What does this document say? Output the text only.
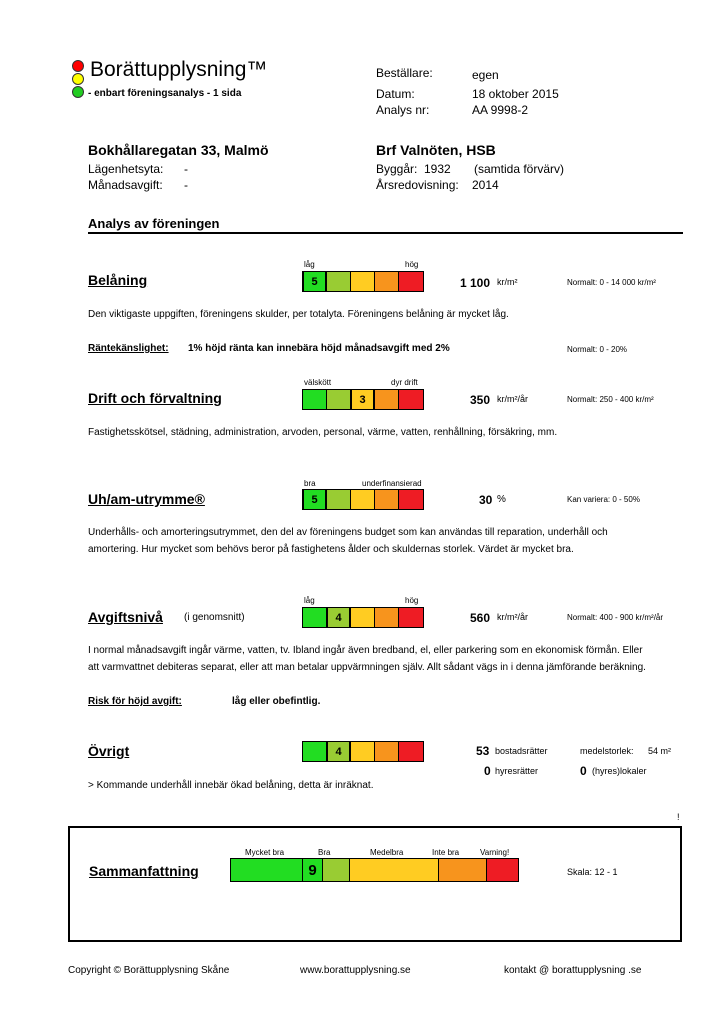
Borättupplysning™
- enbart föreningsanalys - 1 sida
Beställare:	egen
Datum:	18 oktober 2015
Analys nr:	AA 9998-2
Bokhållaregatan 33, Malmö
Lägenhetsyta: -
Månadsavgift: -
Brf Valnöten, HSB
Byggår: 1932 (samtida förvärv)
Årsredovisning: 2014
Analys av föreningen
Belåning
låg	hög
5	1 100 kr/m²	Normalt: 0 - 14 000 kr/m²
Den viktigaste uppgiften, föreningens skulder, per totalyta. Föreningens belåning är mycket låg.
Räntekänslighet: 1% höjd ränta kan innebära höjd månadsavgift med 2%	Normalt: 0 - 20%
Drift och förvaltning
välskött	dyr drift
3	350 kr/m²/år	Normalt: 250 - 400 kr/m²
Fastighetsskötsel, städning, administration, arvoden, personal, värme, vatten, renhållning, försäkring, mm.
Uh/am-utrymme®
bra	underfinansierad
5	30 %	Kan variera: 0 - 50%
Underhålls- och amorteringsutrymmet, den del av föreningens budget som kan användas till reparation, underhåll och
amortering. Hur mycket som behövs beror på fastighetens ålder och skuldernas storlek. Värdet är mycket bra.
Avgiftsnivå (i genomsnitt)
låg	hög
4	560 kr/m²/år	Normalt: 400 - 900 kr/m²/år
I normal månadsavgift ingår värme, vatten, tv. Ibland ingår även bredband, el, eller parkering som en ekonomisk förmån. Eller
att varmvattnet debiteras separat, eller att man betalar uppvärmningen själv. Allt sådant vägs in i denna jämförande beräkning.
Risk för höjd avgift:	låg eller obefintlig.
Övrigt	4	53 bostadsrätter	medelstorlek: 54 m²
0 hyresrätter	0 (hyres)lokaler
> Kommande underhåll innebär ökad belåning, detta är inräknat.
!
Sammanfattning
Mycket bra	Bra	Medelbra	Inte bra	Varning!
9	Skala: 12 - 1
Copyright © Borättupplysning Skåne	www.borattupplysning.se	kontakt @ borattupplysning .se
